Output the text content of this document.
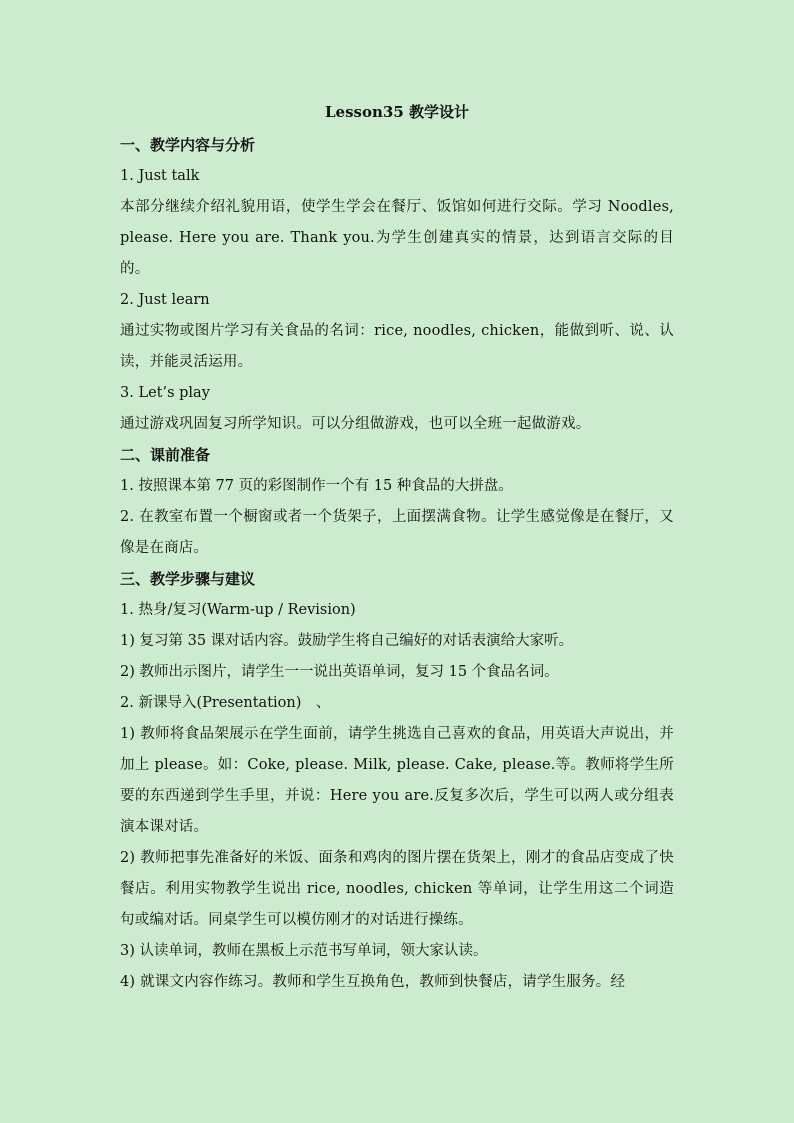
Lesson35 教学设计
一、教学内容与分析
1. Just talk
本部分继续介绍礼貌用语，使学生学会在餐厅、饭馆如何进行交际。学习 Noodles, please. Here you are. Thank you.为学生创建真实的情景，达到语言交际的目的。
2. Just learn
通过实物或图片学习有关食品的名词：rice, noodles, chicken，能做到听、说、认读，并能灵活运用。
3. Let’s play
通过游戏巩固复习所学知识。可以分组做游戏，也可以全班一起做游戏。
二、课前准备
1. 按照课本第 77 页的彩图制作一个有 15 种食品的大拼盘。
2. 在教室布置一个橱窗或者一个货架子，上面摆满食物。让学生感觉像是在餐厅，又像是在商店。
三、教学步骤与建议
1. 热身/复习(Warm-up / Revision)
1) 复习第 35 课对话内容。鼓励学生将自己编好的对话表演给大家听。
2) 教师出示图片，请学生一一说出英语单词，复习 15 个食品名词。
2. 新课导入(Presentation)　、
1) 教师将食品架展示在学生面前，请学生挑选自己喜欢的食品，用英语大声说出，并加上 please。如：Coke, please. Milk, please. Cake, please.等。教师将学生所要的东西递到学生手里，并说：Here you are.反复多次后，学生可以两人或分组表演本课对话。
2) 教师把事先准备好的米饭、面条和鸡肉的图片摆在货架上，刚才的食品店变成了快餐店。利用实物教学生说出 rice, noodles, chicken 等单词，让学生用这二个词造句或编对话。同桌学生可以模仿刚才的对话进行操练。
3) 认读单词，教师在黑板上示范书写单词，领大家认读。
4) 就课文内容作练习。教师和学生互换角色，教师到快餐店，请学生服务。经
